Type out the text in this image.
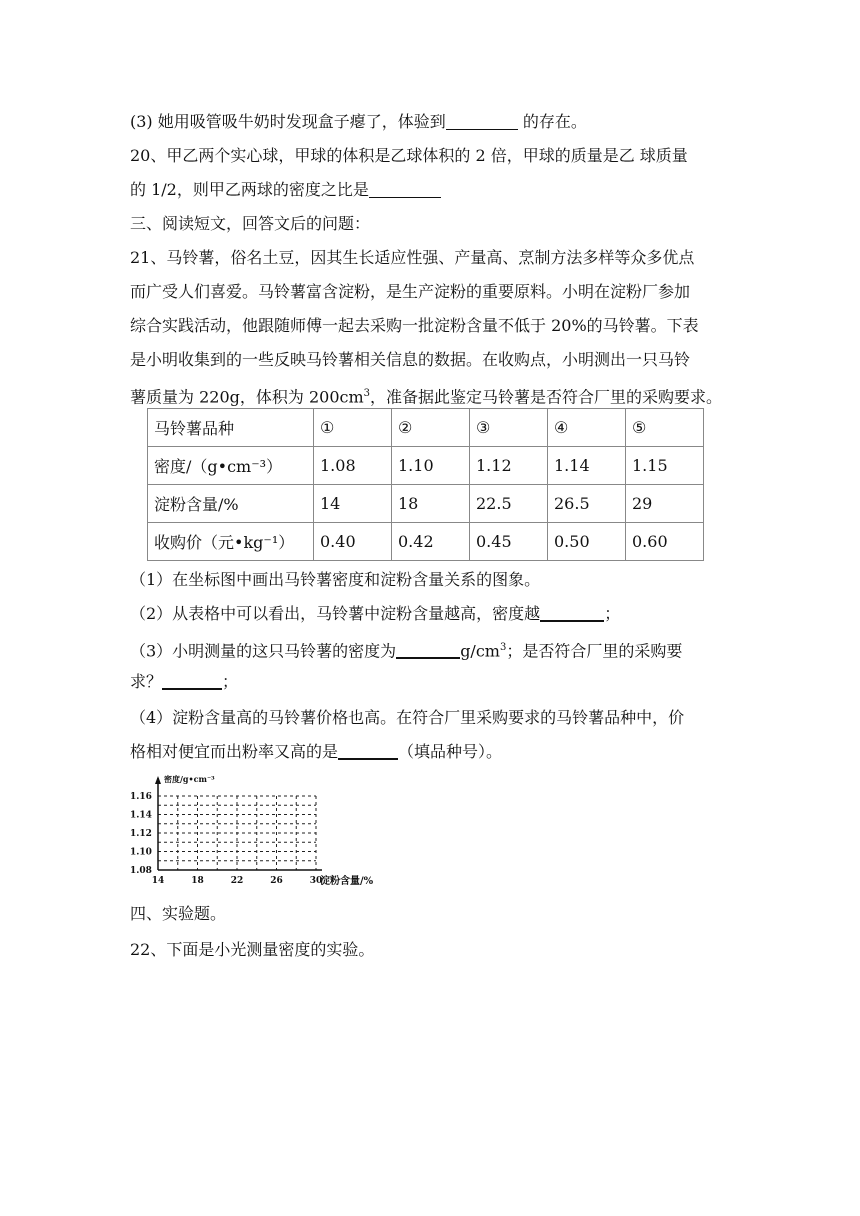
(3) 她用吸管吸牛奶时发现盒子瘪了，体验到	的存在。
20、甲乙两个实心球，甲球的体积是乙球体积的 2 倍，甲球的质量是乙 球质量
的 1/2，则甲乙两球的密度之比是
三、阅读短文，回答文后的问题：
21、马铃薯，俗名土豆，因其生长适应性强、产量高、烹制方法多样等众多优点
而广受人们喜爱。马铃薯富含淀粉，是生产淀粉的重要原料。小明在淀粉厂参加
综合实践活动，他跟随师傅一起去采购一批淀粉含量不低于 20%的马铃薯。下表
是小明收集到的一些反映马铃薯相关信息的数据。在收购点，小明测出一只马铃
薯质量为 220g，体积为 $200cm^3$，准备据此鉴定马铃薯是否符合厂里的采购要求。
马铃薯品种	①	②	③	④	⑤
密度/（g•cm⁻³）	1.08	1.10	1.12	1.14	1.15
淀粉含量/%	14	18	22.5	26.5	29
收购价（元•kg⁻¹）	0.40	0.42	0.45	0.50	0.60
（1）在坐标图中画出马铃薯密度和淀粉含量关系的图象。
（2）从表格中可以看出，马铃薯中淀粉含量越高，密度越	；
（3）小明测量的这只马铃薯的密度为	$g/cm^3$；是否符合厂里的采购要
求？	；
（4）淀粉含量高的马铃薯价格也高。在符合厂里采购要求的马铃薯品种中，价
格相对便宜而出粉率又高的是	（填品种号）。
1.08
1.10
1.12
1.14
1.16
14	18	22	26	30
密度/g•cm⁻³
淀粉含量/%
四、实验题。
22、下面是小光测量密度的实验。
